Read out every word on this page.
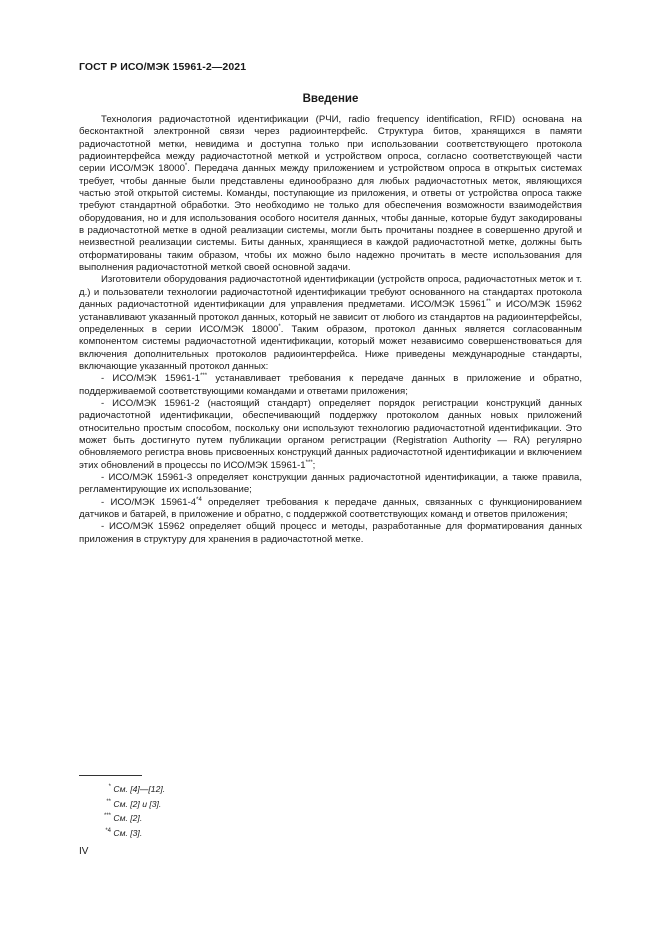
ГОСТ Р ИСО/МЭК 15961-2—2021
Введение

Технология радиочастотной идентификации (РЧИ, radio frequency identification, RFID) основана на бесконтактной электронной связи через радиоинтерфейс. Структура битов, хранящихся в памяти радиочастотной метки, невидима и доступна только при использовании соответствующего протокола радиоинтерфейса между радиочастотной меткой и устройством опроса, согласно соответствующей части серии ИСО/МЭК 18000*. Передача данных между приложением и устройством опроса в открытых системах требует, чтобы данные были представлены единообразно для любых радиочастотных меток, являющихся частью этой открытой системы. Команды, поступающие из приложения, и ответы от устройства опроса также требуют стандартной обработки. Это необходимо не только для обеспечения возможности взаимодействия оборудования, но и для использования особого носителя данных, чтобы данные, которые будут закодированы в радиочастотной метке в одной реализации системы, могли быть прочитаны позднее в совершенно другой и неизвестной реализации системы. Биты данных, хранящиеся в каждой радиочастотной метке, должны быть отформатированы таким образом, чтобы их можно было надежно прочитать в месте использования для выполнения радиочастотной меткой своей основной задачи.

Изготовители оборудования радиочастотной идентификации (устройств опроса, радиочастотных меток и т. д.) и пользователи технологии радиочастотной идентификации требуют основанного на стандартах протокола данных радиочастотной идентификации для управления предметами. ИСО/МЭК 15961** и ИСО/МЭК 15962 устанавливают указанный протокол данных, который не зависит от любого из стандартов на радиоинтерфейсы, определенных в серии ИСО/МЭК 18000*. Таким образом, протокол данных является согласованным компонентом системы радиочастотной идентификации, который может независимо совершенствоваться для включения дополнительных протоколов радиоинтерфейса. Ниже приведены международные стандарты, включающие указанный протокол данных:

- ИСО/МЭК 15961-1*** устанавливает требования к передаче данных в приложение и обратно, поддерживаемой соответствующими командами и ответами приложения;

- ИСО/МЭК 15961-2 (настоящий стандарт) определяет порядок регистрации конструкций данных радиочастотной идентификации, обеспечивающий поддержку протоколом данных новых приложений относительно простым способом, поскольку они используют технологию радиочастотной идентификации. Это может быть достигнуто путем публикации органом регистрации (Registration Authority — RA) регулярно обновляемого регистра вновь присвоенных конструкций данных радиочастотной идентификации и включением этих обновлений в процессы по ИСО/МЭК 15961-1***;

- ИСО/МЭК 15961-3 определяет конструкции данных радиочастотной идентификации, а также правила, регламентирующие их использование;

- ИСО/МЭК 15961-4$^{*4}$ определяет требования к передаче данных, связанных с функционированием датчиков и батарей, в приложение и обратно, с поддержкой соответствующих команд и ответов приложения;

- ИСО/МЭК 15962 определяет общий процесс и методы, разработанные для форматирования данных приложения в структуру для хранения в радиочастотной метке.

* См. [4]—[12].
** См. [2] и [3].
*** См. [2].
*4 См. [3].
IV
